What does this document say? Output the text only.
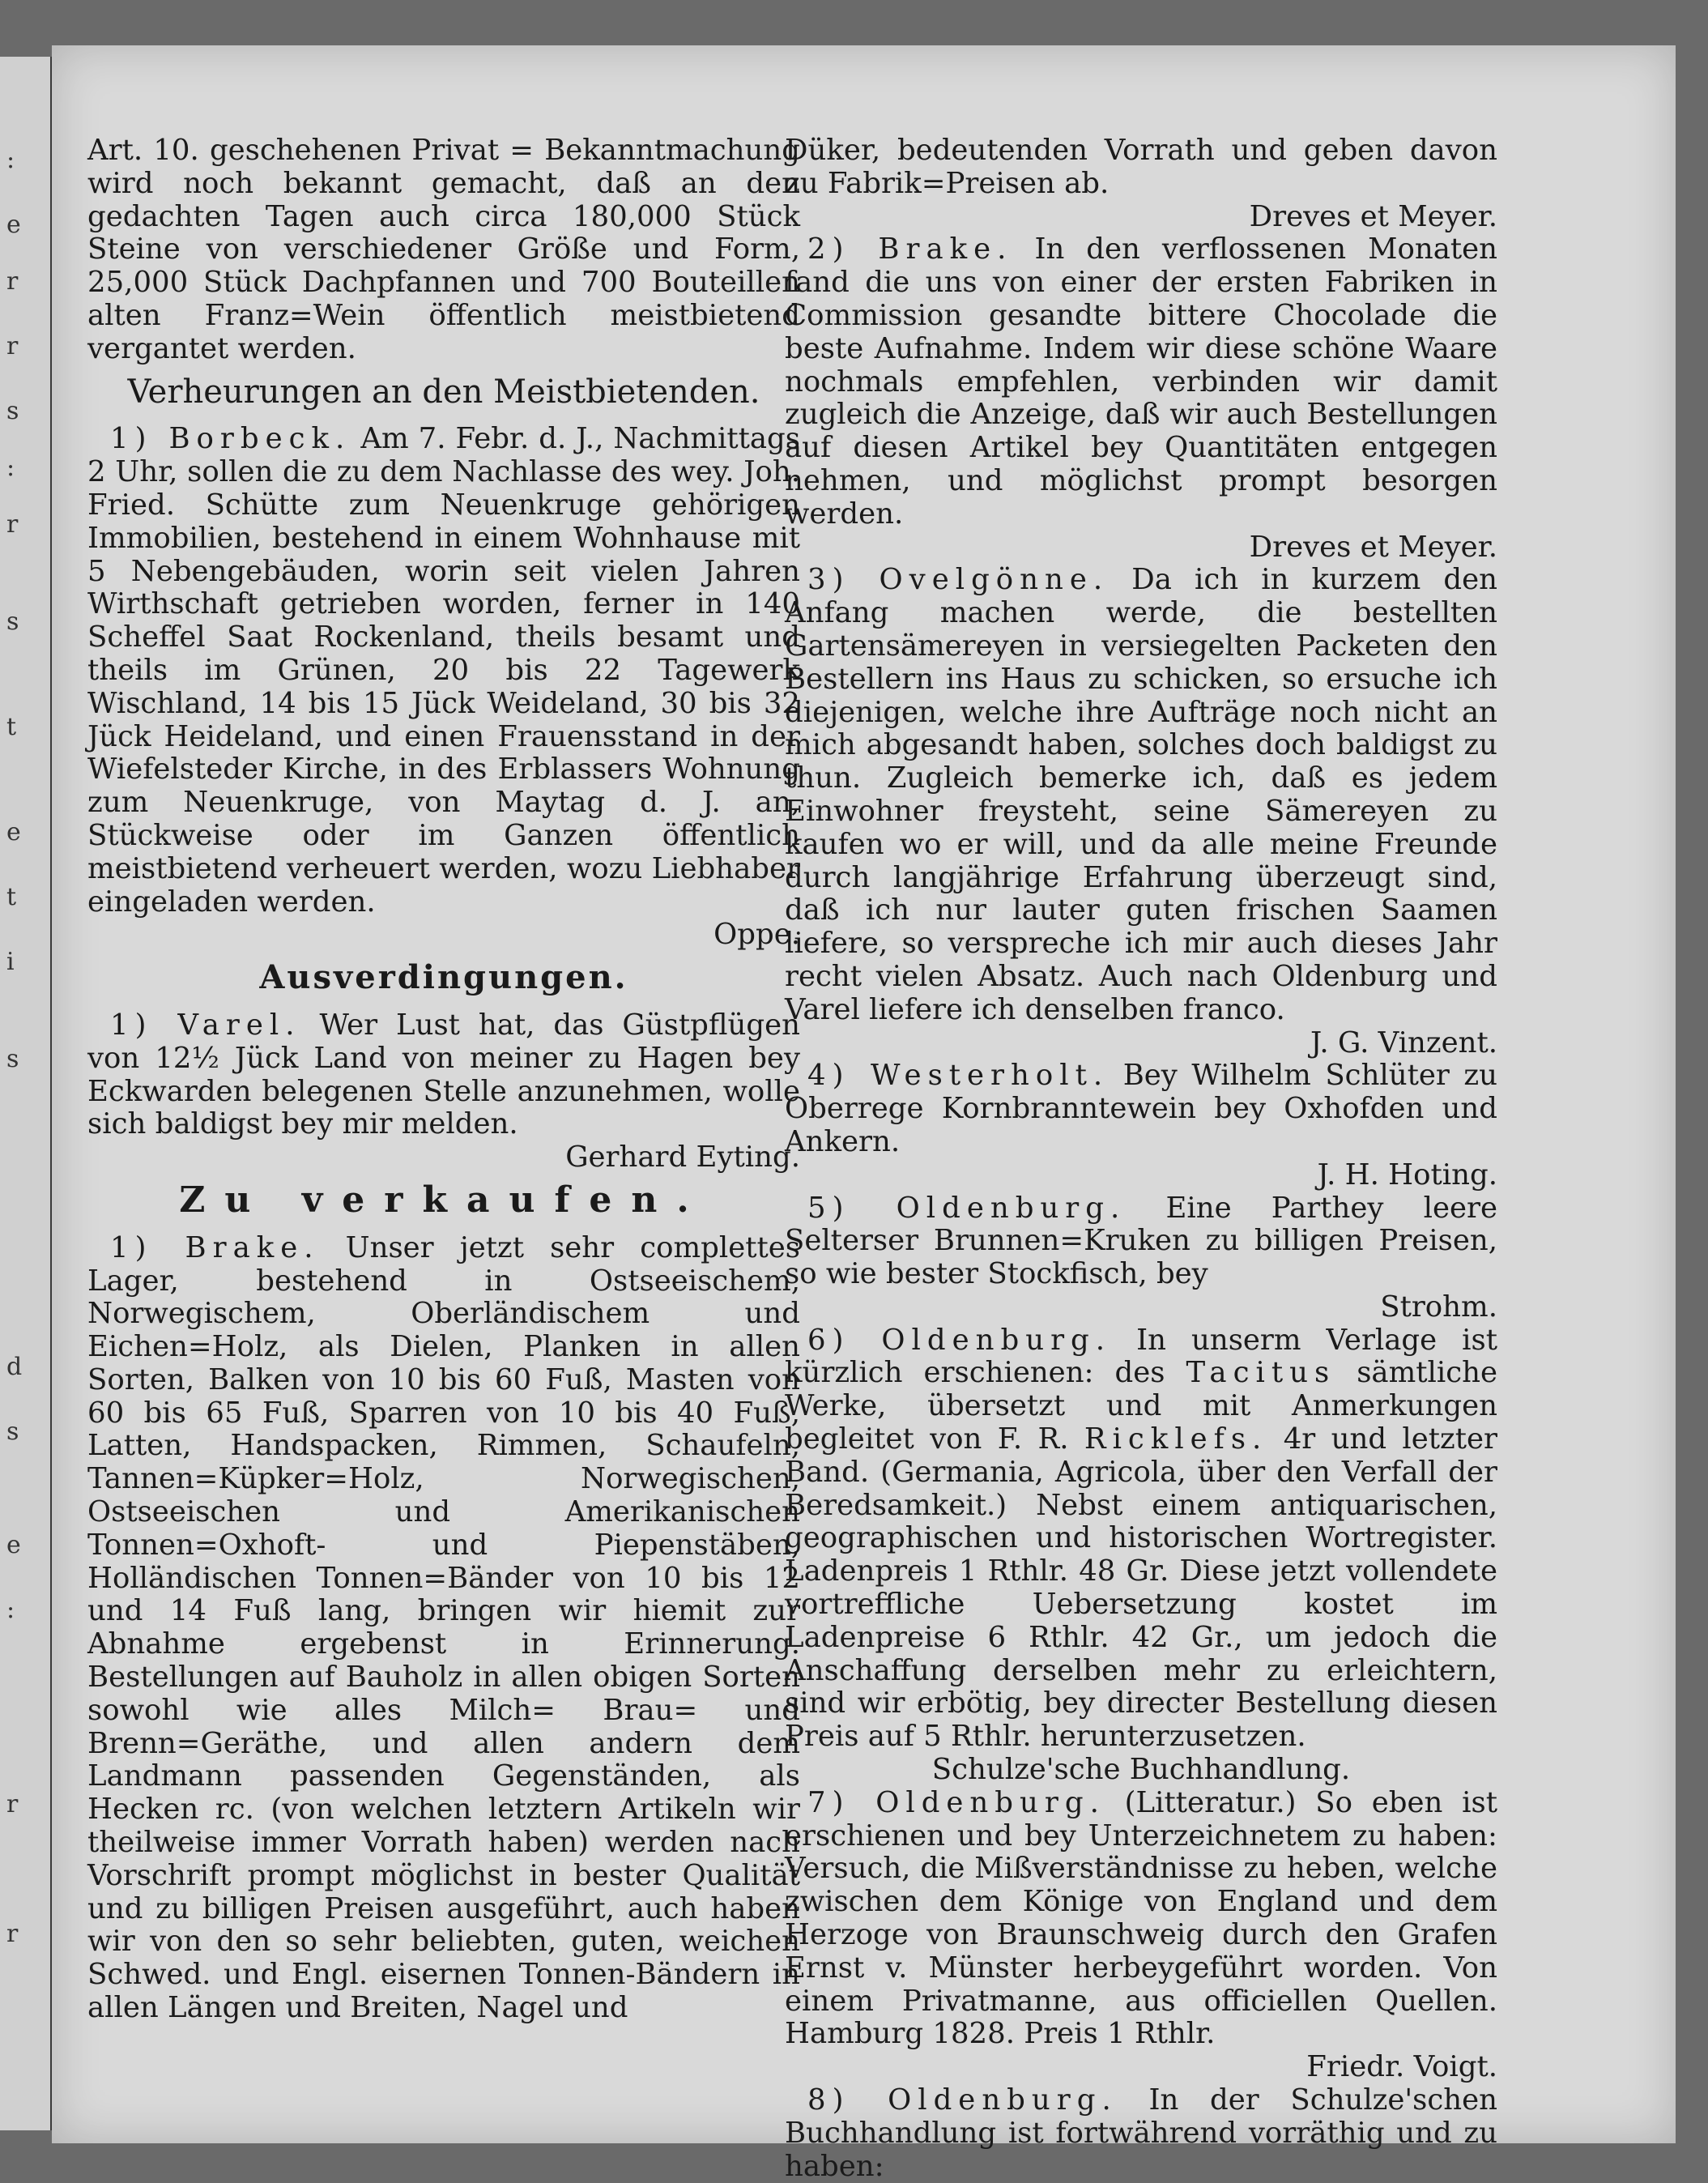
:
e
r
r
s
:
r
s
t
e
t
i
s
d
s
e
:
r
r

Art. 10. geschehenen Privat = Bekanntmachung wird noch bekannt gemacht, daß an den gedachten Tagen auch circa 180,000 Stück Steine von verschiedener Größe und Form, 25,000 Stück Dachpfannen und 700 Bouteillen alten Franz=Wein öffentlich meistbietend vergantet werden.

Verheurungen an den Meistbietenden.

1) Borbeck. Am 7. Febr. d. J., Nachmittags 2 Uhr, sollen die zu dem Nachlasse des wey. Joh. Fried. Schütte zum Neuenkruge gehörigen Immobilien, bestehend in einem Wohnhause mit 5 Nebengebäuden, worin seit vielen Jahren Wirthschaft getrieben worden, ferner in 140 Scheffel Saat Rockenland, theils besamt und theils im Grünen, 20 bis 22 Tagewerk Wischland, 14 bis 15 Jück Weideland, 30 bis 32 Jück Heideland, und einen Frauensstand in der Wiefelsteder Kirche, in des Erblassers Wohnung zum Neuenkruge, von Maytag d. J. an, Stückweise oder im Ganzen öffentlich meistbietend verheuert werden, wozu Liebhaber eingeladen werden.

Oppe.

Ausverdingungen.

1) Varel. Wer Lust hat, das Güstpflügen von 12½ Jück Land von meiner zu Hagen bey Eckwarden belegenen Stelle anzunehmen, wolle sich baldigst bey mir melden.

Gerhard Eyting.

Zu verkaufen.

1) Brake. Unser jetzt sehr complettes Lager, bestehend in Ostseeischem, Norwegischem, Oberländischem und Eichen=Holz, als Dielen, Planken in allen Sorten, Balken von 10 bis 60 Fuß, Masten von 60 bis 65 Fuß, Sparren von 10 bis 40 Fuß, Latten, Handspacken, Rimmen, Schaufeln, Tannen=Küpker=Holz, Norwegischen, Ostseeischen und Amerikanischen Tonnen=Oxhoft- und Piepenstäben, Holländischen Tonnen=Bänder von 10 bis 12 und 14 Fuß lang, bringen wir hiemit zur Abnahme ergebenst in Erinnerung. Bestellungen auf Bauholz in allen obigen Sorten sowohl wie alles Milch= Brau= und Brenn=Geräthe, und allen andern dem Landmann passenden Gegenständen, als Hecken rc. (von welchen letztern Artikeln wir theilweise immer Vorrath haben) werden nach Vorschrift prompt möglichst in bester Qualität und zu billigen Preisen ausgeführt, auch haben wir von den so sehr beliebten, guten, weichen Schwed. und Engl. eisernen Tonnen-Bändern in allen Längen und Breiten, Nagel und

Düker, bedeutenden Vorrath und geben davon zu Fabrik=Preisen ab.

Dreves et Meyer.

2) Brake. In den verflossenen Monaten fand die uns von einer der ersten Fabriken in Commission gesandte bittere Chocolade die beste Aufnahme. Indem wir diese schöne Waare nochmals empfehlen, verbinden wir damit zugleich die Anzeige, daß wir auch Bestellungen auf diesen Artikel bey Quantitäten entgegen nehmen, und möglichst prompt besorgen werden.

Dreves et Meyer.

3) Ovelgönne. Da ich in kurzem den Anfang machen werde, die bestellten Gartensämereyen in versiegelten Packeten den Bestellern ins Haus zu schicken, so ersuche ich diejenigen, welche ihre Aufträge noch nicht an mich abgesandt haben, solches doch baldigst zu thun. Zugleich bemerke ich, daß es jedem Einwohner freysteht, seine Sämereyen zu kaufen wo er will, und da alle meine Freunde durch langjährige Erfahrung überzeugt sind, daß ich nur lauter guten frischen Saamen liefere, so verspreche ich mir auch dieses Jahr recht vielen Absatz. Auch nach Oldenburg und Varel liefere ich denselben franco.

J. G. Vinzent.

4) Westerholt. Bey Wilhelm Schlüter zu Oberrege Kornbranntewein bey Oxhofden und Ankern.

J. H. Hoting.

5) Oldenburg. Eine Parthey leere Selterser Brunnen=Kruken zu billigen Preisen, so wie bester Stockfisch, bey

Strohm.

6) Oldenburg. In unserm Verlage ist kürzlich erschienen: des Tacitus sämtliche Werke, übersetzt und mit Anmerkungen begleitet von F. R. Ricklefs. 4r und letzter Band. (Germania, Agricola, über den Verfall der Beredsamkeit.) Nebst einem antiquarischen, geographischen und historischen Wortregister. Ladenpreis 1 Rthlr. 48 Gr. Diese jetzt vollendete vortreffliche Uebersetzung kostet im Ladenpreise 6 Rthlr. 42 Gr., um jedoch die Anschaffung derselben mehr zu erleichtern, sind wir erbötig, bey directer Bestellung diesen Preis auf 5 Rthlr. herunterzusetzen.

Schulze'sche Buchhandlung.

7) Oldenburg. (Litteratur.) So eben ist erschienen und bey Unterzeichnetem zu haben: Versuch, die Mißverständnisse zu heben, welche zwischen dem Könige von England und dem Herzoge von Braunschweig durch den Grafen Ernst v. Münster herbeygeführt worden. Von einem Privatmanne, aus officiellen Quellen. Hamburg 1828. Preis 1 Rthlr.

Friedr. Voigt.

8) Oldenburg. In der Schulze'schen Buchhandlung ist fortwährend vorräthig und zu haben:
